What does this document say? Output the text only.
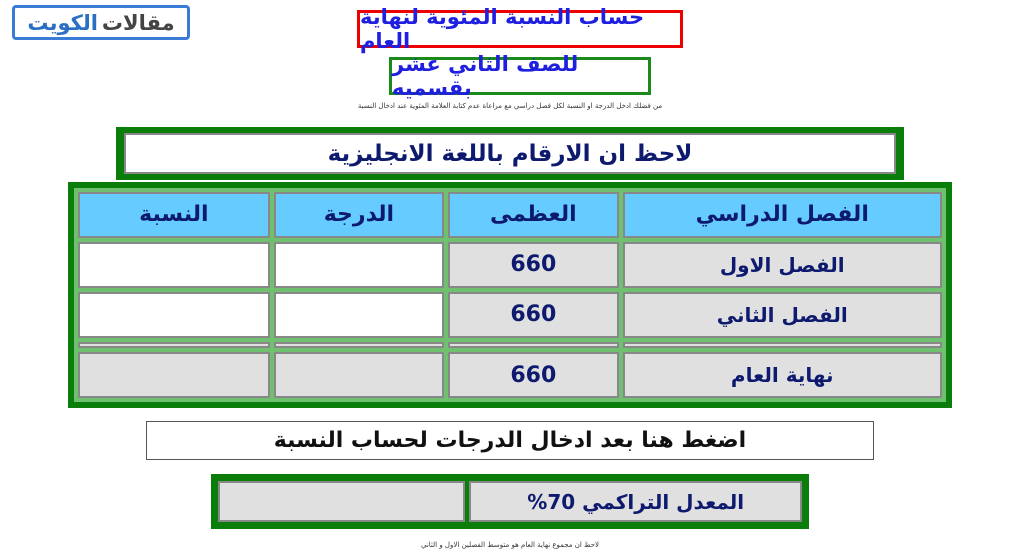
مقالات
الكويت	حساب النسبة المئوية لنهاية العام
للصف الثاني عشر بقسميه
من فضلك ادخل الدرجة او النسبة لكل فصل دراسي مع مراعاة عدم كتابة العلامة المئوية عند ادخال النسبة
لاحظ ان الارقام باللغة الانجليزية
الفصل الدراسي	العظمى	الدرجة	النسبة
الفصل الاول	660		
الفصل الثاني	660		

نهاية العام	660		
اضغط هنا بعد ادخال الدرجات لحساب النسبة
المعدل التراكمي 70%
لاحظ ان مجموع نهاية العام هو متوسط الفصلين الاول و الثاني
